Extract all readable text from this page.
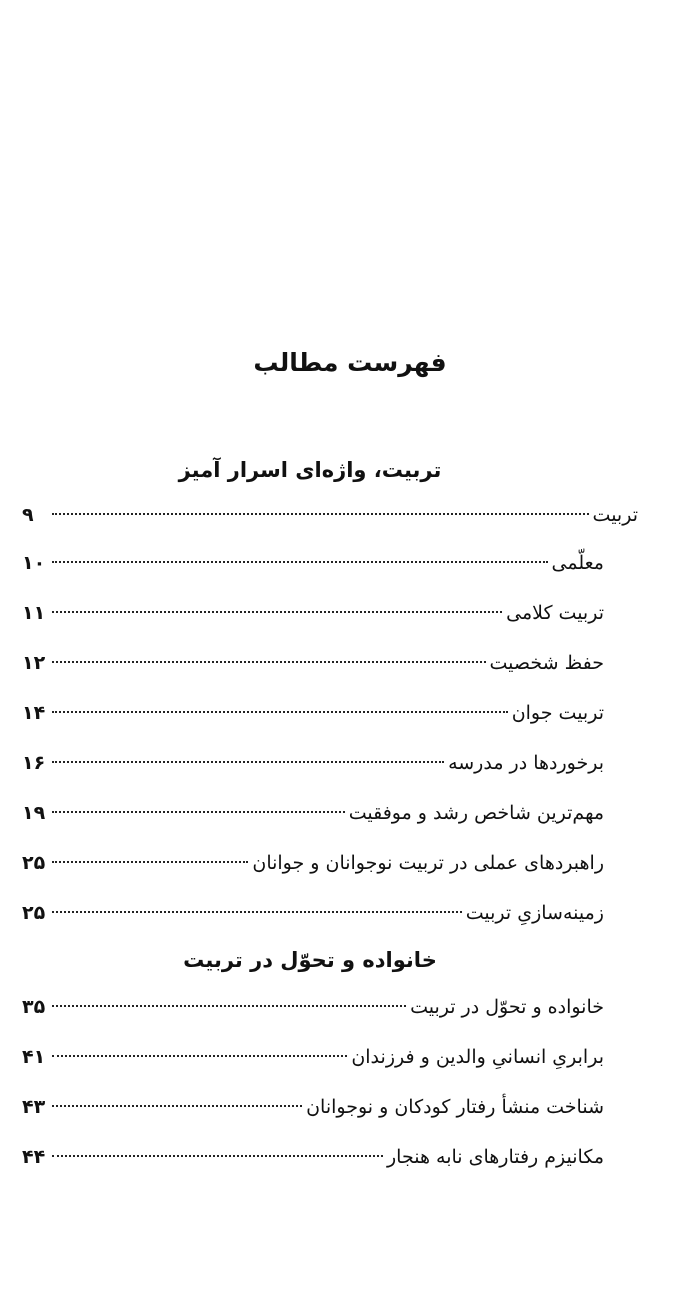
فهرست مطالب
تربیت، واژه‌ای اسرار آمیز
تربیت
۹
معلّمی
۱۰
تربیت کلامی
۱۱
حفظ شخصیت
۱۲
تربیت جوان
۱۴
برخوردها در مدرسه
۱۶
مهم‌ترین شاخص رشد و موفقیت
۱۹
راهبردهای عملی در تربیت نوجوانان و جوانان
۲۵
زمینه‌سازیِ تربیت
۲۵
خانواده و تحوّل در تربیت
خانواده و تحوّل در تربیت
۳۵
برابریِ انسانیِ والدین و فرزندان
۴۱
شناخت منشأ رفتار کودکان و نوجوانان
۴۳
مکانیزم رفتارهای نابه هنجار
۴۴
